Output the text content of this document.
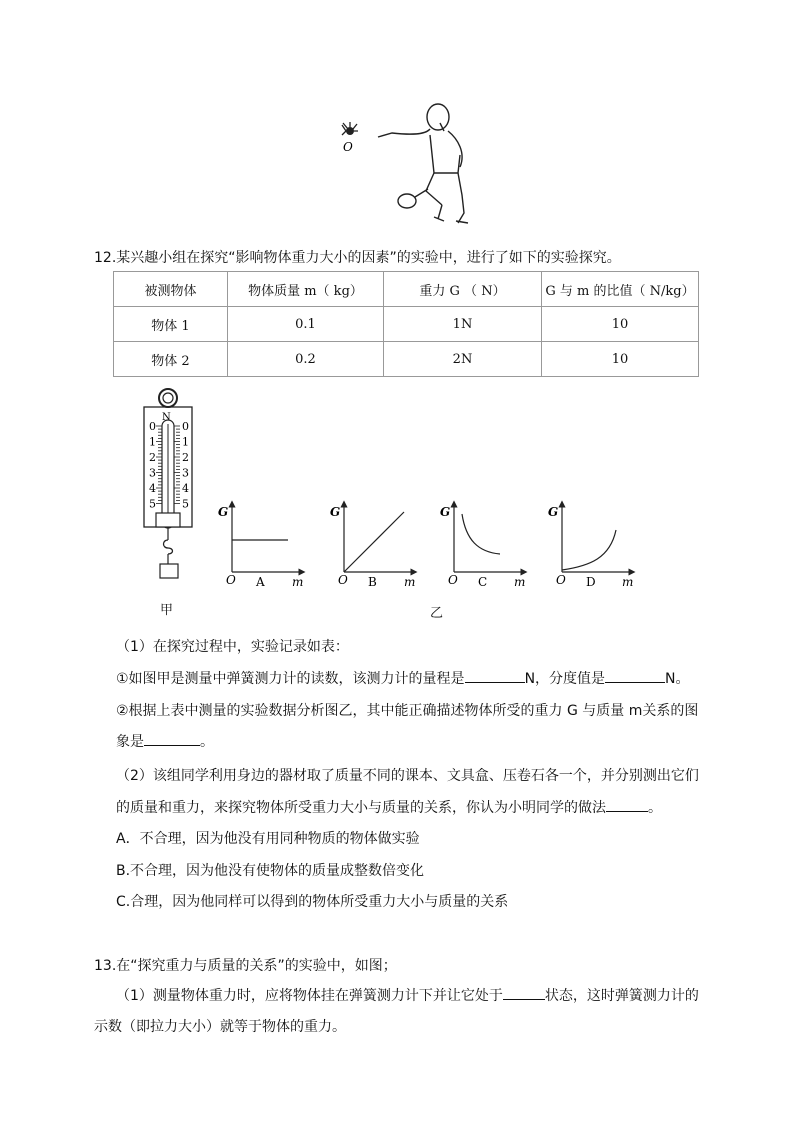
O
12.某兴趣小组在探究“影响物体重力大小的因素”的实验中，进行了如下的实验探究。
被测物体	物体质量 m（ kg）	重力 G （ N）	G 与 m 的比值（ N/kg）
物体 1	0.1	1N	10
物体 2	0.2	2N	10
N
0 0
1 1
2 2
3 3
4 4
5 5
甲
G
O	m
A
G
O	m
B
G
O	m
C
G
O	m
D
乙
（1）在探究过程中，实验记录如表：
①如图甲是测量中弹簧测力计的读数，该测力计的量程是	N，分度值是	N。
②根据上表中测量的实验数据分析图乙，其中能正确描述物体所受的重力 G 与质量 m关系的图
象是	。
（2）该组同学利用身边的器材取了质量不同的课本、文具盒、压卷石各一个，并分别测出它们
的质量和重力，来探究物体所受重力大小与质量的关系，你认为小明同学的做法	。
A．不合理，因为他没有用同种物质的物体做实验
B.不合理，因为他没有使物体的质量成整数倍变化
C.合理，因为他同样可以得到的物体所受重力大小与质量的关系
13.在“探究重力与质量的关系”的实验中，如图；
（1）测量物体重力时，应将物体挂在弹簧测力计下并让它处于	状态，这时弹簧测力计的
示数（即拉力大小）就等于物体的重力。
